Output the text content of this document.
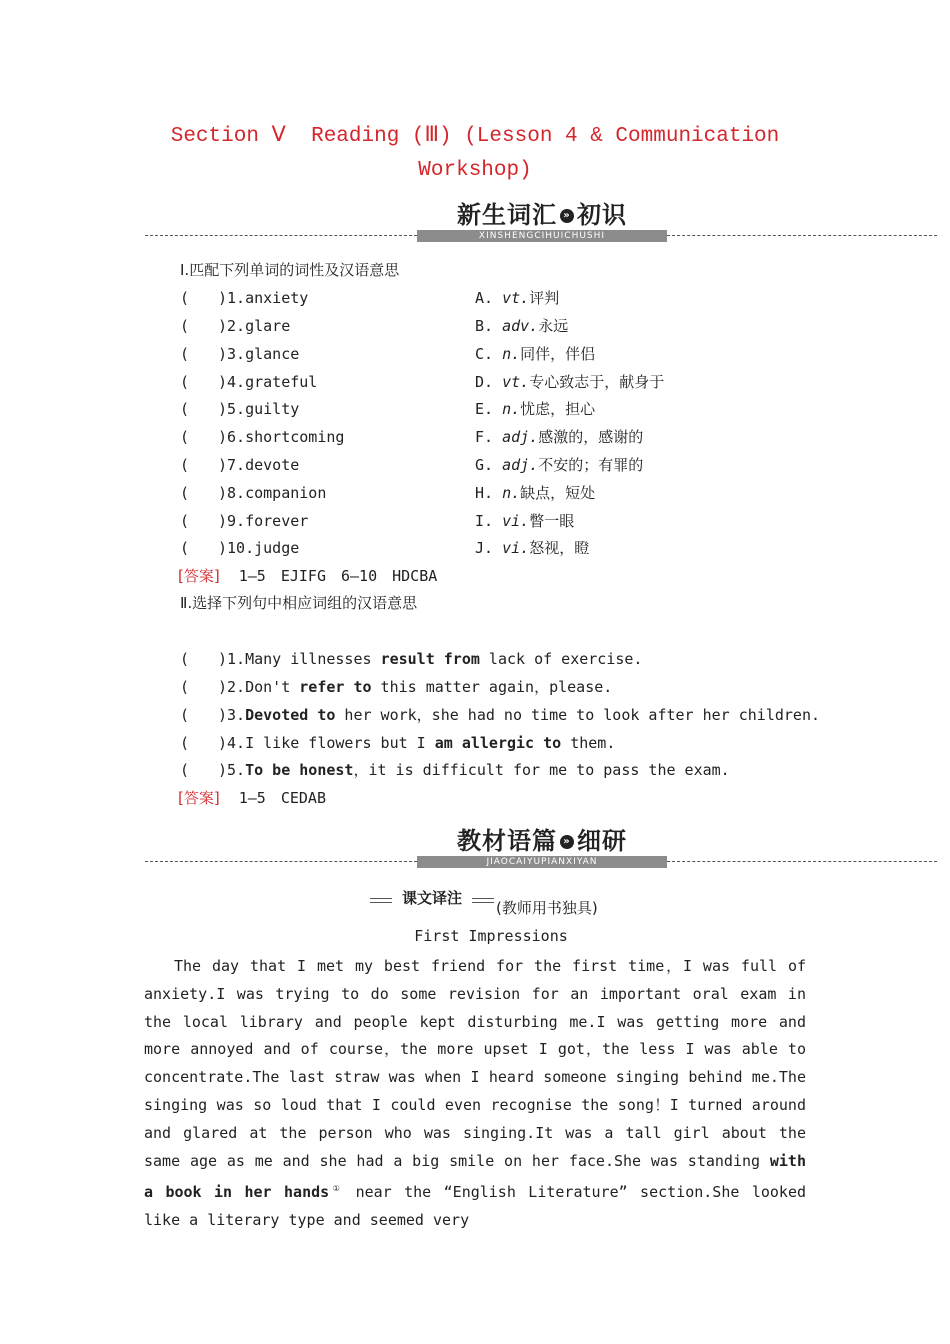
Section Ⅴ  Reading (Ⅲ) (Lesson 4 & Communication
Workshop)
新生词汇 » 初识
XINSHENGCIHUICHUSHI
Ⅰ.匹配下列单词的词性及汉语意思
( )1.anxiety	A. vt.评判
( )2.glare	B. adv.永远
( )3.glance	C. n.同伴，伴侣
( )4.grateful	D. vt.专心致志于，献身于
( )5.guilty	E. n.忧虑，担心
( )6.shortcoming	F. adj.感激的，感谢的
( )7.devote	G. adj.不安的；有罪的
( )8.companion	H. n.缺点，短处
( )9.forever	I. vi.瞥一眼
( )10.judge	J. vi.怒视，瞪
[答案] 1—5　EJIFG　6—10　HDCBA
Ⅱ.选择下列句中相应词组的汉语意思
( )1.Many illnesses result from lack of exercise.
( )2.Don't refer to this matter again，please.
( )3.Devoted to her work，she had no time to look after her children.
( )4.I like flowers but I am allergic to them.
( )5.To be honest，it is difficult for me to pass the exam.
[答案] 1—5　CEDAB
教材语篇 » 细研
JIAOCAIYUPIANXIYAN
课文译注
(教师用书独具)
First Impressions

The day that I met my best friend for the first time，I was full of anxiety.I was trying to do some revision for an important oral exam in the local library and people kept disturbing me.I was getting more and more annoyed and of course，the more upset I got，the less I was able to concentrate.The last straw was when I heard someone singing behind me.The singing was so loud that I could even recognise the song！I turned around and glared at the person who was singing.It was a tall girl about the same age as me and she had a big smile on her face.She was standing with a book in her hands① near the “English Literature” section.She looked like a literary type and seemed very
